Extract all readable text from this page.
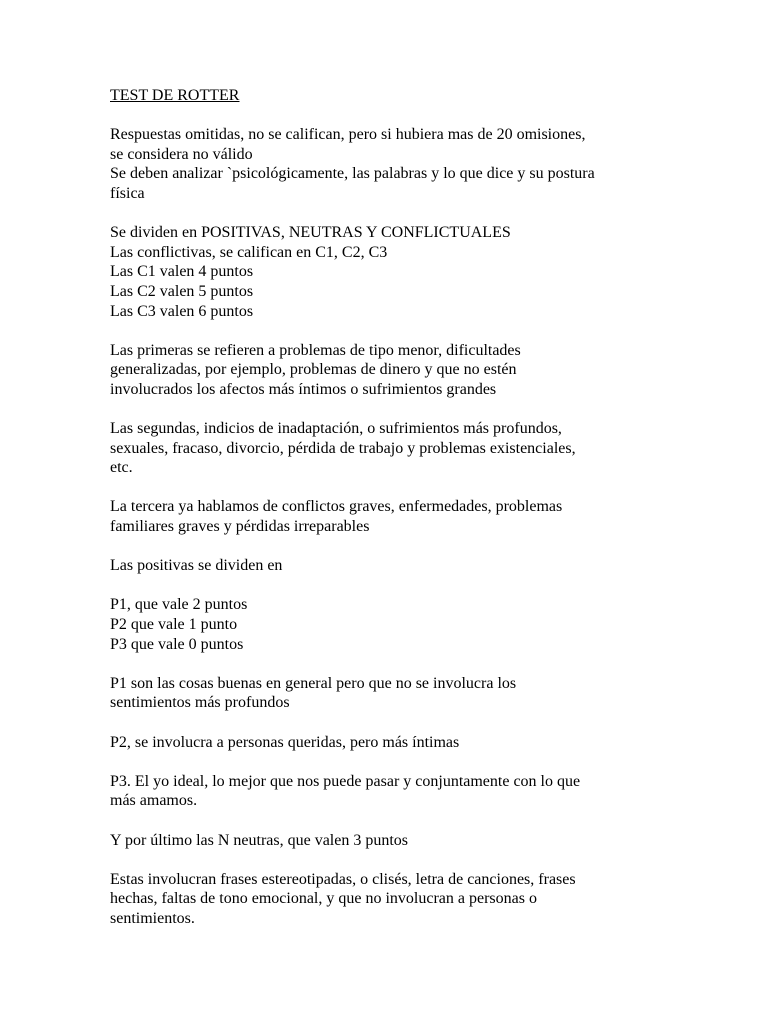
TEST DE ROTTER
Respuestas omitidas, no se califican, pero si hubiera mas de 20 omisiones,
se considera no válido
Se deben analizar `psicológicamente, las palabras y lo que dice y su postura
física
Se dividen en POSITIVAS, NEUTRAS Y CONFLICTUALES
Las conflictivas, se califican en C1, C2, C3
Las C1 valen 4 puntos
Las C2 valen 5 puntos
Las C3 valen 6 puntos
Las primeras se refieren a problemas de tipo menor, dificultades
generalizadas, por ejemplo, problemas de dinero y que no estén
involucrados los afectos más íntimos o sufrimientos grandes
Las segundas, indicios de inadaptación, o sufrimientos más profundos,
sexuales, fracaso, divorcio, pérdida de trabajo y problemas existenciales,
etc.
La tercera ya hablamos de conflictos graves, enfermedades, problemas
familiares graves y pérdidas irreparables
Las positivas se dividen en
P1, que vale 2 puntos
P2 que vale 1 punto
P3 que vale 0 puntos
P1 son las cosas buenas en general pero que no se involucra los
sentimientos más profundos
P2, se involucra a personas queridas, pero más íntimas
P3. El yo ideal, lo mejor que nos puede pasar y conjuntamente con lo que
más amamos.
Y por último las N neutras, que valen 3 puntos
Estas involucran frases estereotipadas, o clisés, letra de canciones, frases
hechas, faltas de tono emocional, y que no involucran a personas o
sentimientos.
